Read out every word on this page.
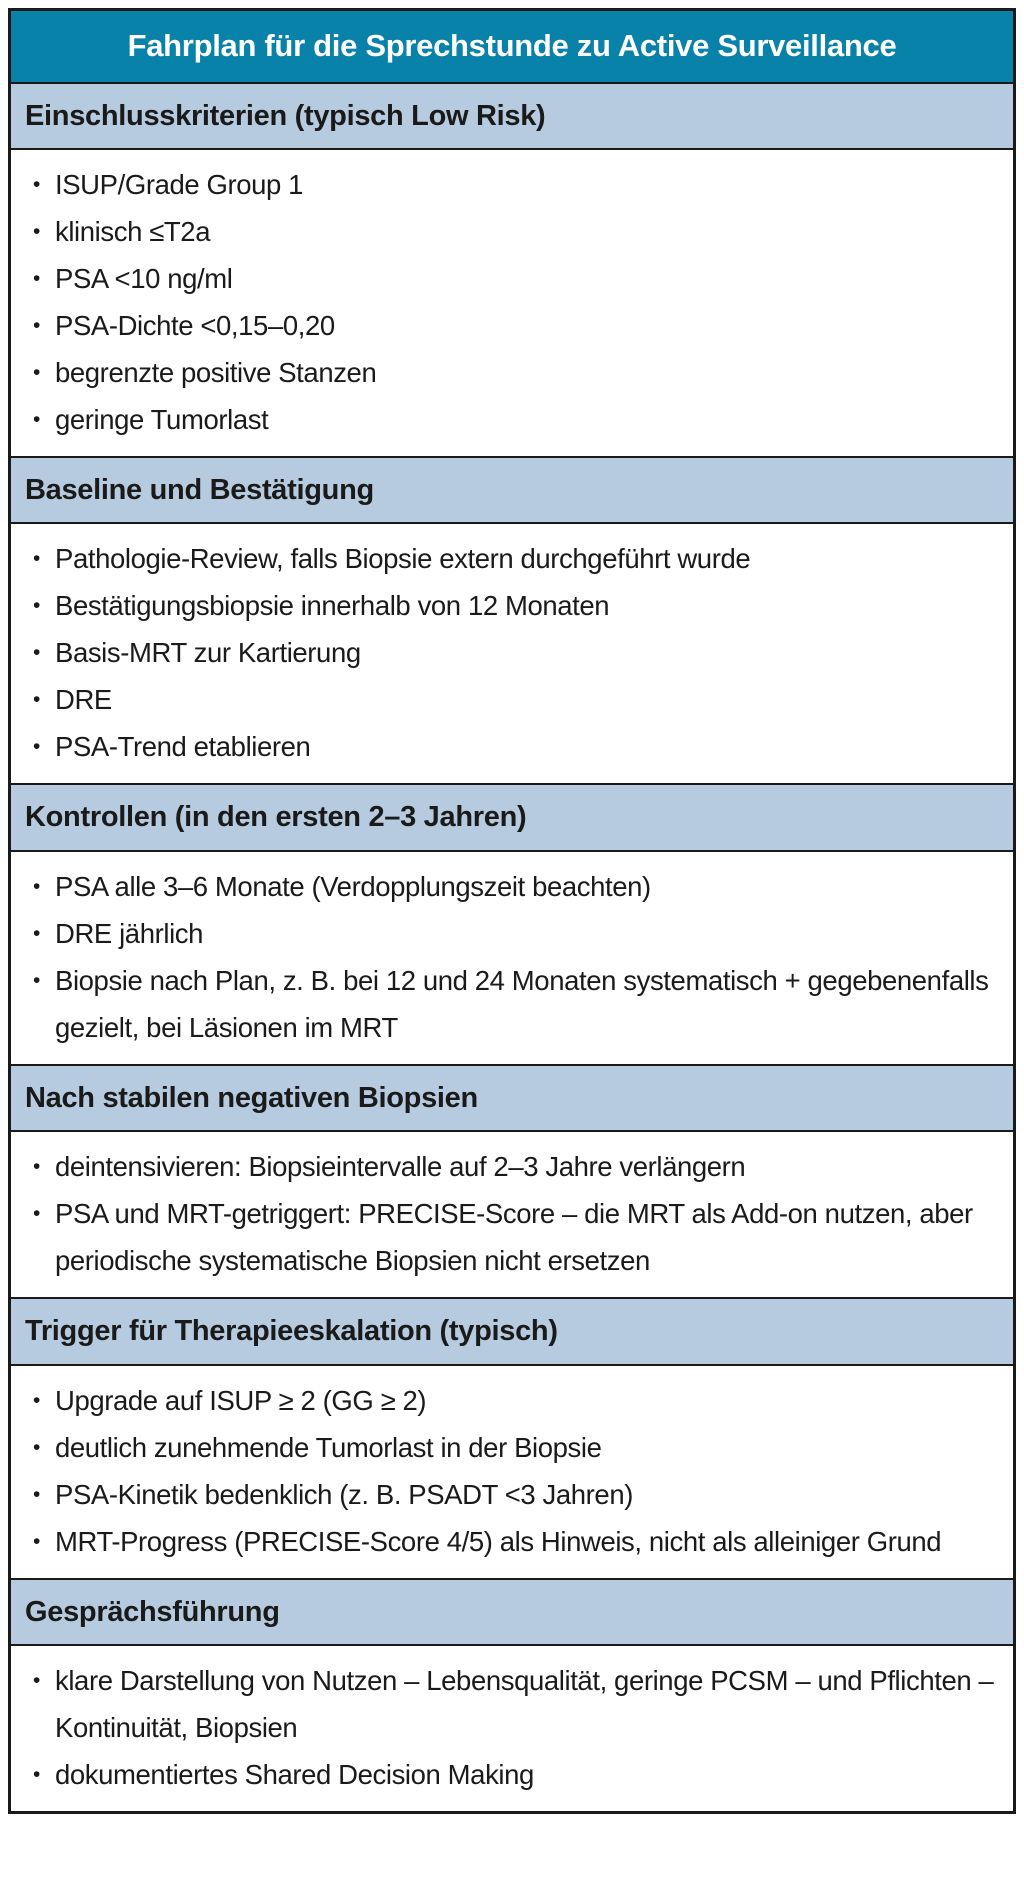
Fahrplan für die Sprechstunde zu Active Surveillance
Einschlusskriterien (typisch Low Risk)
• ISUP/Grade Group 1
• klinisch ≤T2a
• PSA <10 ng/ml
• PSA-Dichte <0,15–0,20
• begrenzte positive Stanzen
• geringe Tumorlast
Baseline und Bestätigung
• Pathologie-Review, falls Biopsie extern durchgeführt wurde
• Bestätigungsbiopsie innerhalb von 12 Monaten
• Basis-MRT zur Kartierung
• DRE
• PSA-Trend etablieren
Kontrollen (in den ersten 2–3 Jahren)
• PSA alle 3–6 Monate (Verdopplungszeit beachten)
• DRE jährlich
• Biopsie nach Plan, z. B. bei 12 und 24 Monaten systematisch + gegebenenfalls gezielt, bei Läsionen im MRT
Nach stabilen negativen Biopsien
• deintensivieren: Biopsieintervalle auf 2–3 Jahre verlängern
• PSA und MRT-getriggert: PRECISE-Score – die MRT als Add-on nutzen, aber periodische systematische Biopsien nicht ersetzen
Trigger für Therapieeskalation (typisch)
• Upgrade auf ISUP ≥ 2 (GG ≥ 2)
• deutlich zunehmende Tumorlast in der Biopsie
• PSA-Kinetik bedenklich (z. B. PSADT <3 Jahren)
• MRT-Progress (PRECISE-Score 4/5) als Hinweis, nicht als alleiniger Grund
Gesprächsführung
• klare Darstellung von Nutzen – Lebensqualität, geringe PCSM – und Pflichten – Kontinuität, Biopsien
• dokumentiertes Shared Decision Making
